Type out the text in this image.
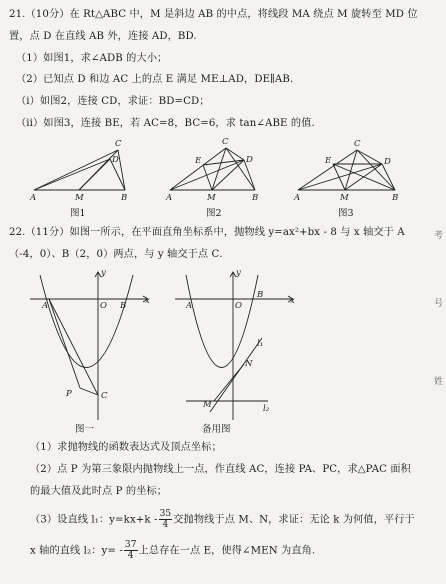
21.（10分）在 Rt△ABC 中，M 是斜边 AB 的中点，将线段 MA 绕点 M 旋转至 MD 位
置，点 D 在直线 AB 外，连接 AD，BD.
（1）如图1，求∠ADB 的大小；
（2）已知点 D 和边 AC 上的点 E 满足 ME⊥AD，DE∥AB.
（i）如图2，连接 CD，求证：BD=CD；
（ii）如图3，连接 BE，若 AC=8，BC=6，求 tan∠ABE 的值.
C
D
A	M	B
图1
C
D
E
A	M	B
图2
C
D
E
A	M	B
图3
22.（11分）如图一所示，在平面直角坐标系中，抛物线 y=ax²+bx - 8 与 x 轴交于 A
（-4，0）、B（2，0）两点，与 y 轴交于点 C.
y
x
O
A	B
P	C
图一
y
x
O
A
B
l₁
N
M	l₂
备用图
（1）求抛物线的函数表达式及顶点坐标；
（2）点 P 为第三象限内抛物线上一点，作直线 AC，连接 PA、PC，求△PAC 面积
的最大值及此时点 P 的坐标；
（3）设直线 l₁：$y=kx+k - \frac{35}{4}$ 交抛物线于点 M、N，求证：无论 k 为何值，平行于
x 轴的直线 l₂：$y= - \frac{37}{4}$ 上总存在一点 E，使得∠MEN 为直角.
考
号
姓
